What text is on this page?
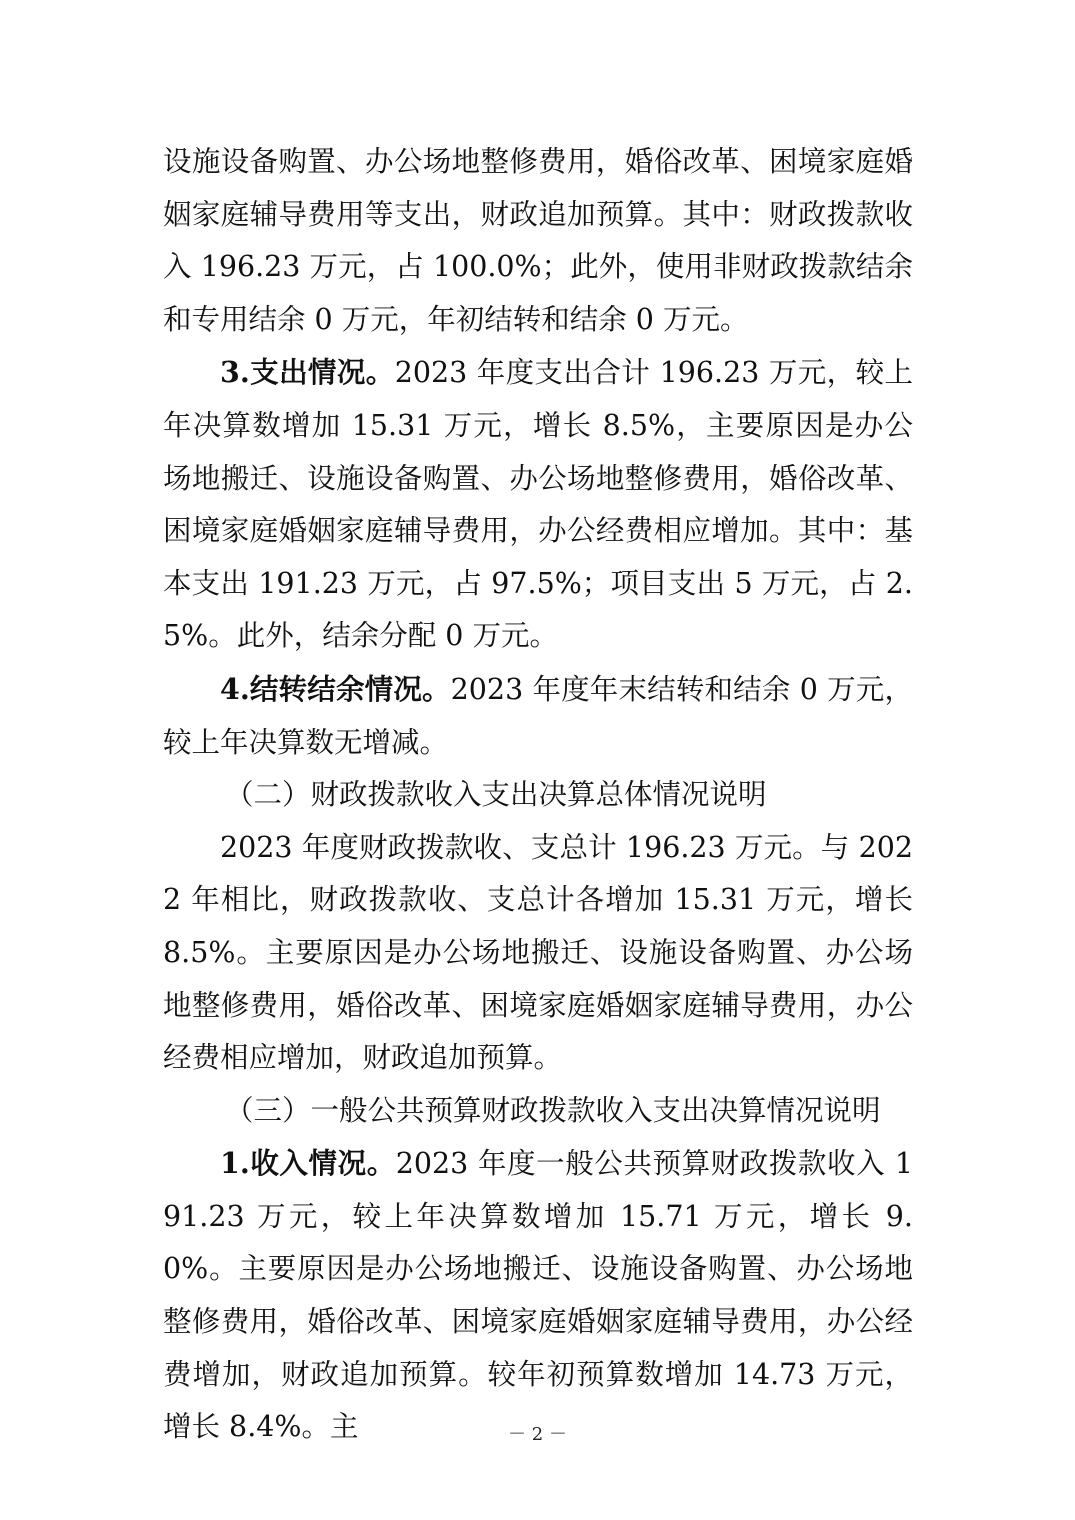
设施设备购置、办公场地整修费用，婚俗改革、困境家庭婚姻家庭辅导费用等支出，财政追加预算。其中：财政拨款收入 196.23 万元，占 100.0%；此外，使用非财政拨款结余和专用结余 0 万元，年初结转和结余 0 万元。

3.支出情况。2023 年度支出合计 196.23 万元，较上年决算数增加 15.31 万元，增长 8.5%，主要原因是办公场地搬迁、设施设备购置、办公场地整修费用，婚俗改革、困境家庭婚姻家庭辅导费用，办公经费相应增加。其中：基本支出 191.23 万元，占 97.5%；项目支出 5 万元，占 2.5%。此外，结余分配 0 万元。

4.结转结余情况。2023 年度年末结转和结余 0 万元，较上年决算数无增减。

（二）财政拨款收入支出决算总体情况说明

2023 年度财政拨款收、支总计 196.23 万元。与 2022 年相比，财政拨款收、支总计各增加 15.31 万元，增长 8.5%。主要原因是办公场地搬迁、设施设备购置、办公场地整修费用，婚俗改革、困境家庭婚姻家庭辅导费用，办公经费相应增加，财政追加预算。

（三）一般公共预算财政拨款收入支出决算情况说明

1.收入情况。2023 年度一般公共预算财政拨款收入 191.23 万元，较上年决算数增加 15.71 万元，增长 9.0%。主要原因是办公场地搬迁、设施设备购置、办公场地整修费用，婚俗改革、困境家庭婚姻家庭辅导费用，办公经费增加，财政追加预算。较年初预算数增加 14.73 万元，增长 8.4%。主	－ 2 －
